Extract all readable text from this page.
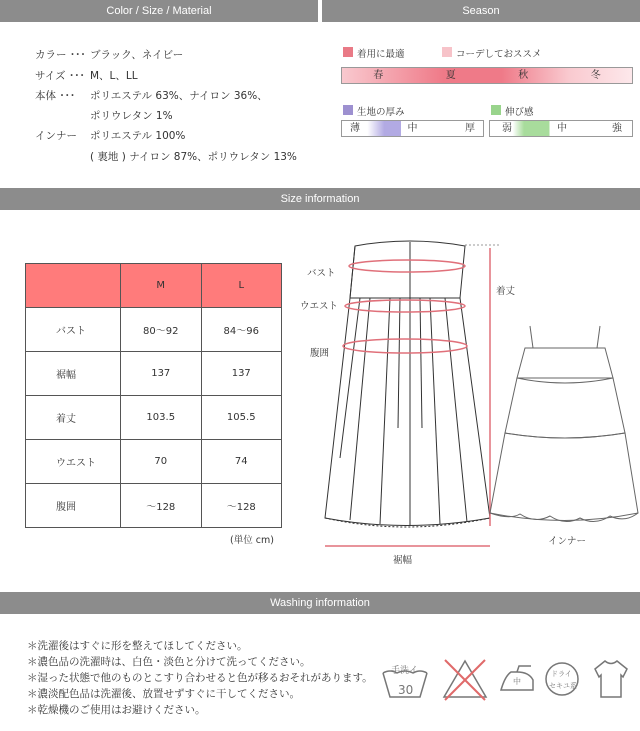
Color / Size / Material	Season
カラー ･･･ ブラック、ネイビー
サイズ ･･･ M、L、LL
本体 ･･･ ポリエステル 63%、ナイロン 36%、
ポリウレタン 1%
インナー ポリエステル 100%
( 裏地 ) ナイロン 87%、ポリウレタン 13%
着用に最適	コーデしておススメ
春	夏	秋	冬
生地の厚み
薄	中	厚
伸び感
弱	中	強
Size information
	M	L
バスト	80〜92	84〜96
裾幅	137	137
着丈	103.5	105.5
ウエスト	70	74
腹囲	〜128	〜128
(単位 cm)
バスト
ウエスト
腹囲
着丈
裾幅
インナー
Washing information
＊洗濯後はすぐに形を整えてほしてください。
＊濃色品の洗濯時は、白色・淡色と分けて洗ってください。
＊湿った状態で他のものとこすり合わせると色が移るおそれがあります。
＊濃淡配色品は洗濯後、放置せずすぐに干してください。
＊乾燥機のご使用はお避けください。
手洗イ
30
中
ドライ
セキユ系
